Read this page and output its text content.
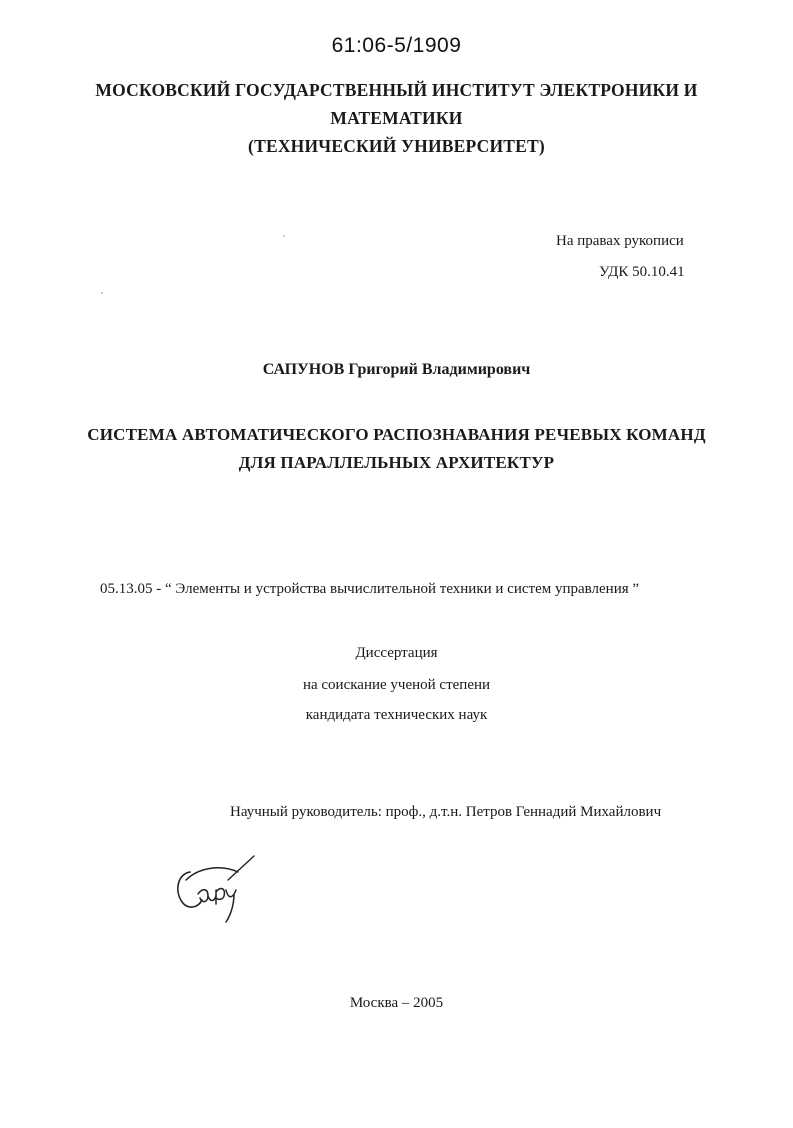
61:06-5/1909
МОСКОВСКИЙ ГОСУДАРСТВЕННЫЙ ИНСТИТУТ ЭЛЕКТРОНИКИ И
МАТЕМАТИКИ
(ТЕХНИЧЕСКИЙ УНИВЕРСИТЕТ)
На правах рукописи
УДК 50.10.41
САПУНОВ Григорий Владимирович
СИСТЕМА АВТОМАТИЧЕСКОГО РАСПОЗНАВАНИЯ РЕЧЕВЫХ КОМАНД
ДЛЯ ПАРАЛЛЕЛЬНЫХ АРХИТЕКТУР
05.13.05 - “ Элементы и устройства вычислительной техники и систем управления ”
Диссертация
на соискание ученой степени
кандидата технических наук
Научный руководитель: проф., д.т.н. Петров Геннадий Михайлович
Москва – 2005
